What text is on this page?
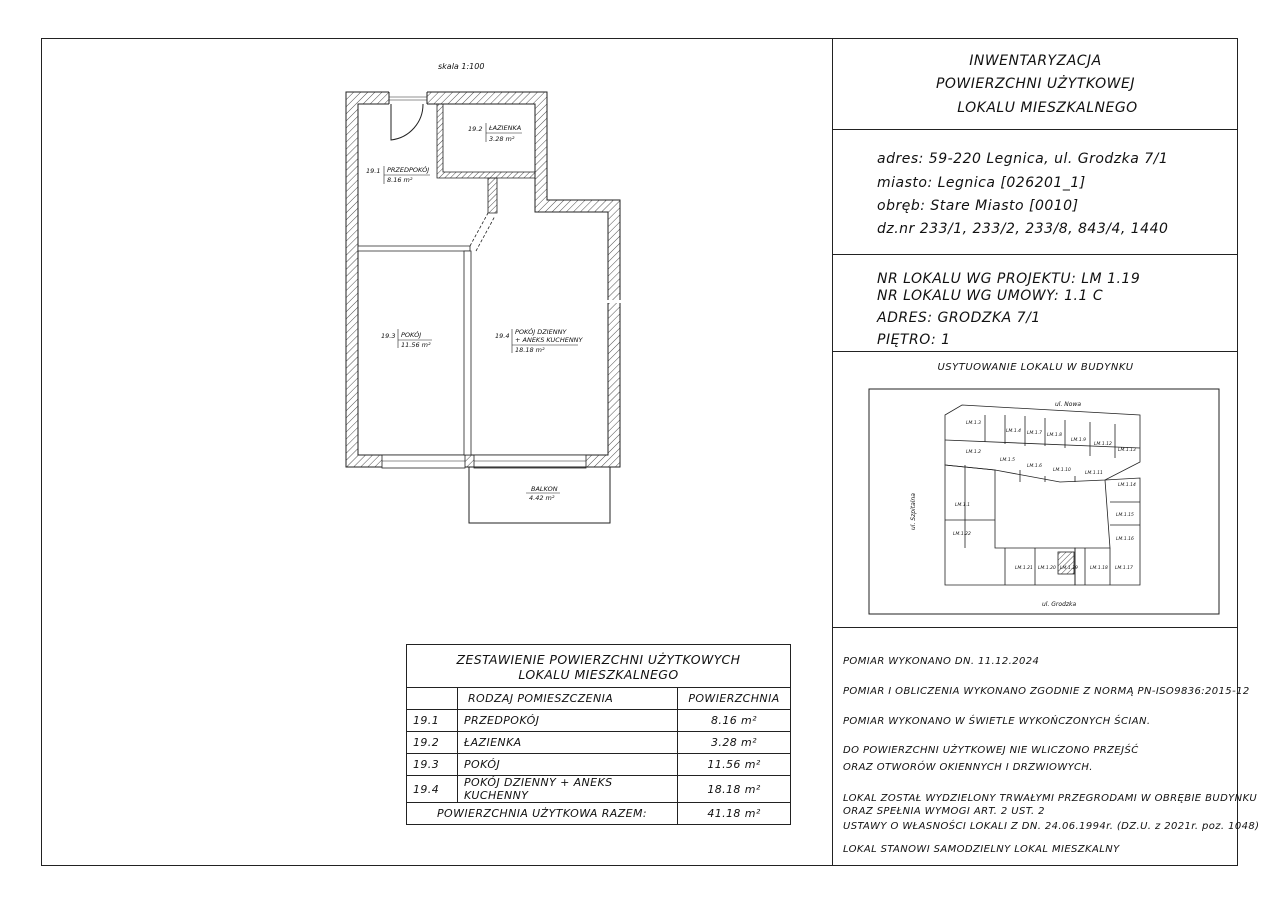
INWENTARYZACJA
POWIERZCHNI UŻYTKOWEJ
LOKALU MIESZKALNEGO
adres: 59-220 Legnica, ul. Grodzka 7/1
miasto: Legnica [026201_1]
obręb: Stare Miasto [0010]
dz.nr 233/1, 233/2, 233/8, 843/4, 1440
NR LOKALU WG PROJEKTU: LM 1.19
NR LOKALU WG UMOWY: 1.1 C
ADRES: GRODZKA 7/1
PIĘTRO: 1
USYTUOWANIE LOKALU W BUDYNKU
POMIAR WYKONANO DN. 11.12.2024
POMIAR I OBLICZENIA WYKONANO ZGODNIE Z NORMĄ PN-ISO9836:2015-12
POMIAR WYKONANO W ŚWIETLE WYKOŃCZONYCH ŚCIAN.
DO POWIERZCHNI UŻYTKOWEJ NIE WLICZONO PRZEJŚĆ
ORAZ OTWORÓW OKIENNYCH I DRZWIOWYCH.
LOKAL ZOSTAŁ WYDZIELONY TRWAŁYMI PRZEGRODAMI W OBRĘBIE BUDYNKU
ORAZ SPEŁNIA WYMOGI ART. 2 UST. 2
USTAWY O WŁASNOŚCI LOKALI Z DN. 24.06.1994r. (DZ.U. z 2021r. poz. 1048)
LOKAL STANOWI SAMODZIELNY LOKAL MIESZKALNY
skala 1:100
19.1 PRZEDPOKÓJ
8.16 m²
19.2 ŁAZIENKA
3.28 m²
19.3 POKÓJ
11.56 m²
19.4 POKÓJ DZIENNY
+ ANEKS KUCHENNY
18.18 m²
BALKON
4.42 m²
ul. Nowa
ul. Grodzka
ul. Szpitalna
LM.1.3
LM.1.4 LM.1.7 LM.1.8
LM.1.9
LM.1.12
LM.1.13
LM.1.2
LM.1.5
LM.1.6
LM.1.10
LM.1.11
LM.1.14
LM.1.1
LM.1.15
LM.1.22
LM.1.16
LM.1.21 LM.1.20 LM.1.19	LM.1.18 LM.1.17
ZESTAWIENIE POWIERZCHNI UŻYTKOWYCH
LOKALU MIESZKALNEGO		
	RODZAJ POMIESZCZENIA	POWIERZCHNIA
19.1	PRZEDPOKÓJ	8.16 m²
19.2	ŁAZIENKA	3.28 m²
19.3	POKÓJ	11.56 m²
19.4	POKÓJ DZIENNY + ANEKS KUCHENNY	18.18 m²
POWIERZCHNIA UŻYTKOWA RAZEM:		41.18 m²
